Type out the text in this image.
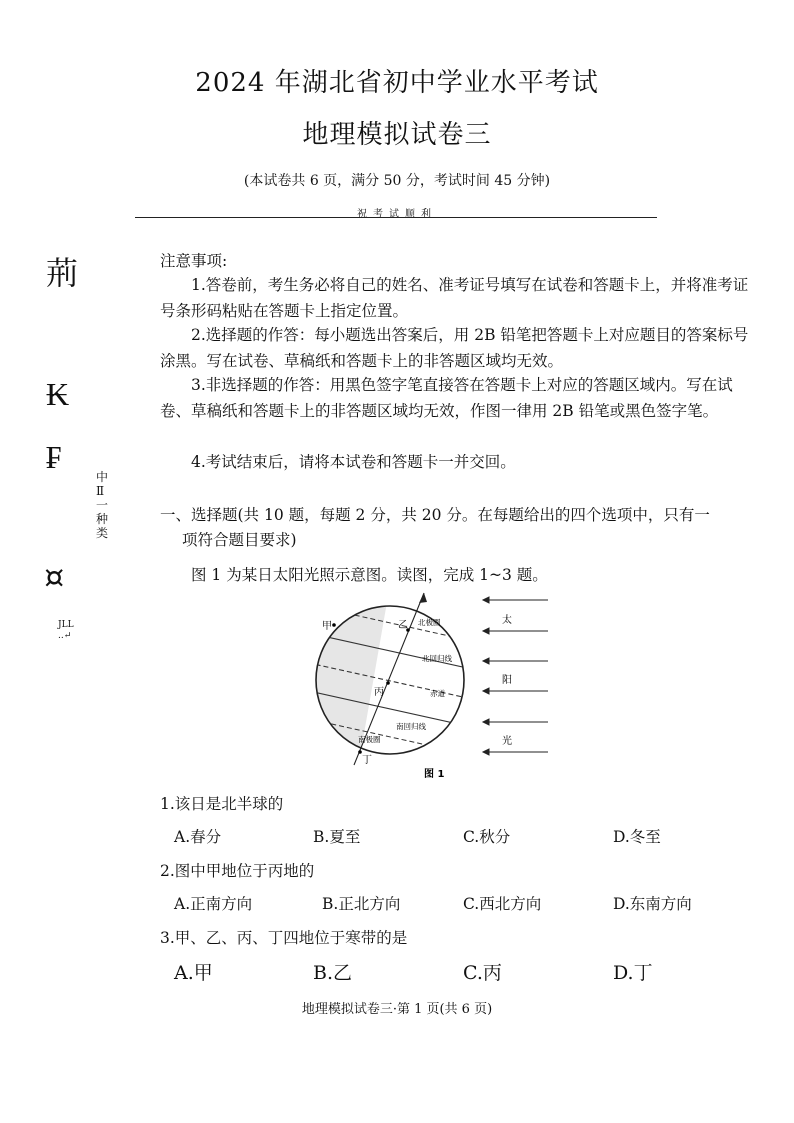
2024 年湖北省初中学业水平考试
地理模拟试卷三
(本试卷共 6 页，满分 50 分，考试时间 45 分钟)
祝考试顺利
荊
₭
₣
中Ⅱ一种类
¤
JLL
..↵
注意事项:
1.答卷前，考生务必将自己的姓名、准考证号填写在试卷和答题卡上，并将准考证号条形码粘贴在答题卡上指定位置。
2.选择题的作答：每小题选出答案后，用 2B 铅笔把答题卡上对应题目的答案标号涂黑。写在试卷、草稿纸和答题卡上的非答题区域均无效。
3.非选择题的作答：用黑色签字笔直接答在答题卡上对应的答题区域内。写在试卷、草稿纸和答题卡上的非答题区域均无效，作图一律用 2B 铅笔或黑色签字笔。
4.考试结束后，请将本试卷和答题卡一并交回。
一、选择题(共 10 题，每题 2 分，共 20 分。在每题给出的四个选项中，只有一
项符合题目要求)
图 1 为某日太阳光照示意图。读图，完成 1~3 题。
甲	乙
丙
丁
北极圈
北回归线
赤道
南回归线
南极圈
太
阳
光
图 1
1.该日是北半球的
A.春分	B.夏至	C.秋分	D.冬至
2.图中甲地位于丙地的
A.正南方向	B.正北方向	C.西北方向	D.东南方向
3.甲、乙、丙、丁四地位于寒带的是
A.甲	B.乙	C.丙	D.丁
地理模拟试卷三·第 1 页(共 6 页)
